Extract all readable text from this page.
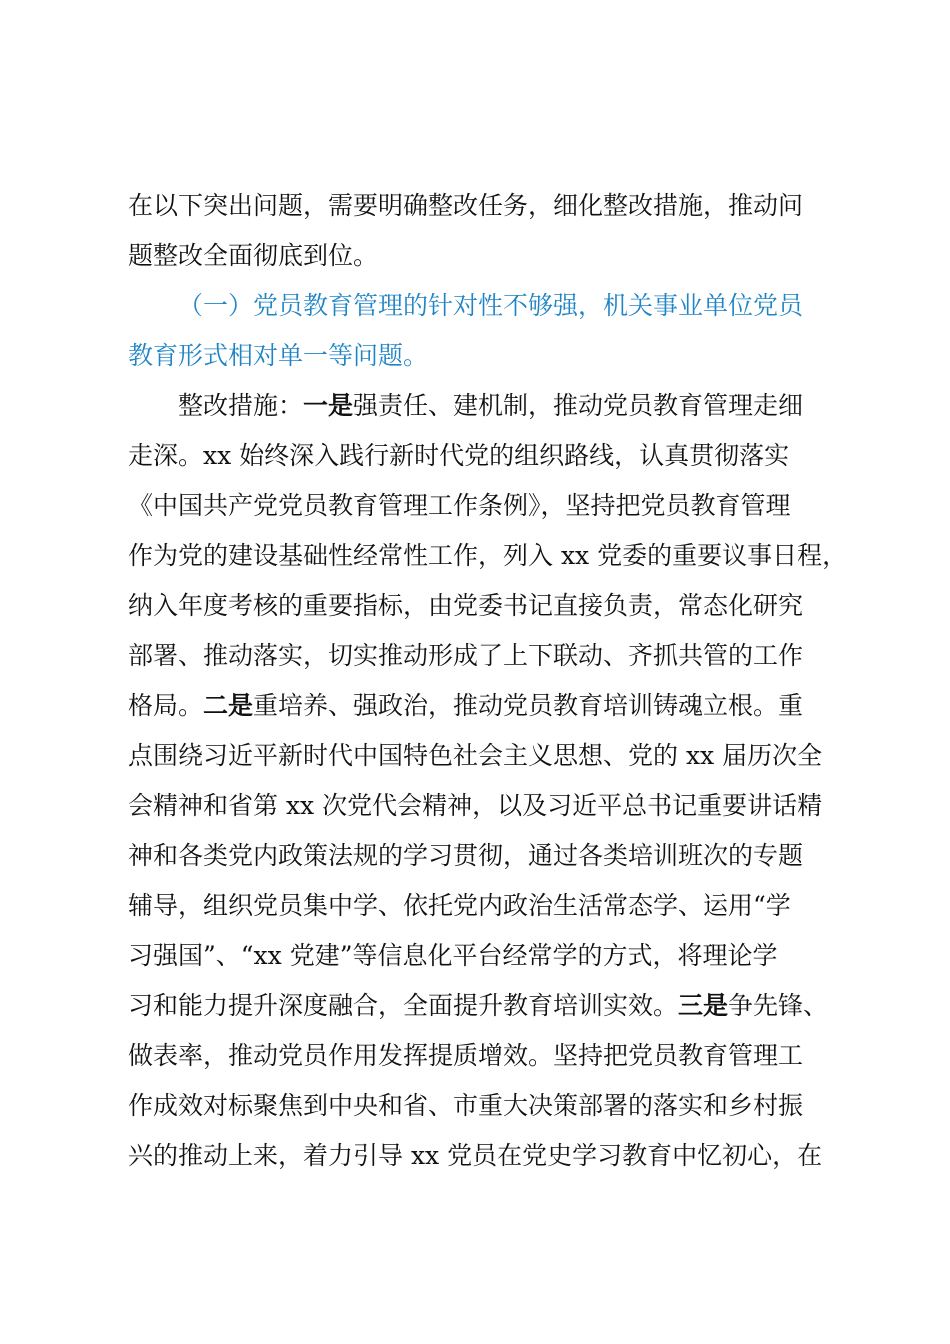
在以下突出问题，需要明确整改任务，细化整改措施，推动问
题整改全面彻底到位。
（一）党员教育管理的针对性不够强，机关事业单位党员
教育形式相对单一等问题。
整改措施：一是强责任、建机制，推动党员教育管理走细
走深。xx 始终深入践行新时代党的组织路线，认真贯彻落实
《中国共产党党员教育管理工作条例》，坚持把党员教育管理
作为党的建设基础性经常性工作，列入 xx 党委的重要议事日程，
纳入年度考核的重要指标，由党委书记直接负责，常态化研究
部署、推动落实，切实推动形成了上下联动、齐抓共管的工作
格局。二是重培养、强政治，推动党员教育培训铸魂立根。重
点围绕习近平新时代中国特色社会主义思想、党的 xx 届历次全
会精神和省第 xx 次党代会精神，以及习近平总书记重要讲话精
神和各类党内政策法规的学习贯彻，通过各类培训班次的专题
辅导，组织党员集中学、依托党内政治生活常态学、运用“学
习强国”、“xx 党建”等信息化平台经常学的方式，将理论学
习和能力提升深度融合，全面提升教育培训实效。三是争先锋、
做表率，推动党员作用发挥提质增效。坚持把党员教育管理工
作成效对标聚焦到中央和省、市重大决策部署的落实和乡村振
兴的推动上来，着力引导 xx 党员在党史学习教育中忆初心，在
